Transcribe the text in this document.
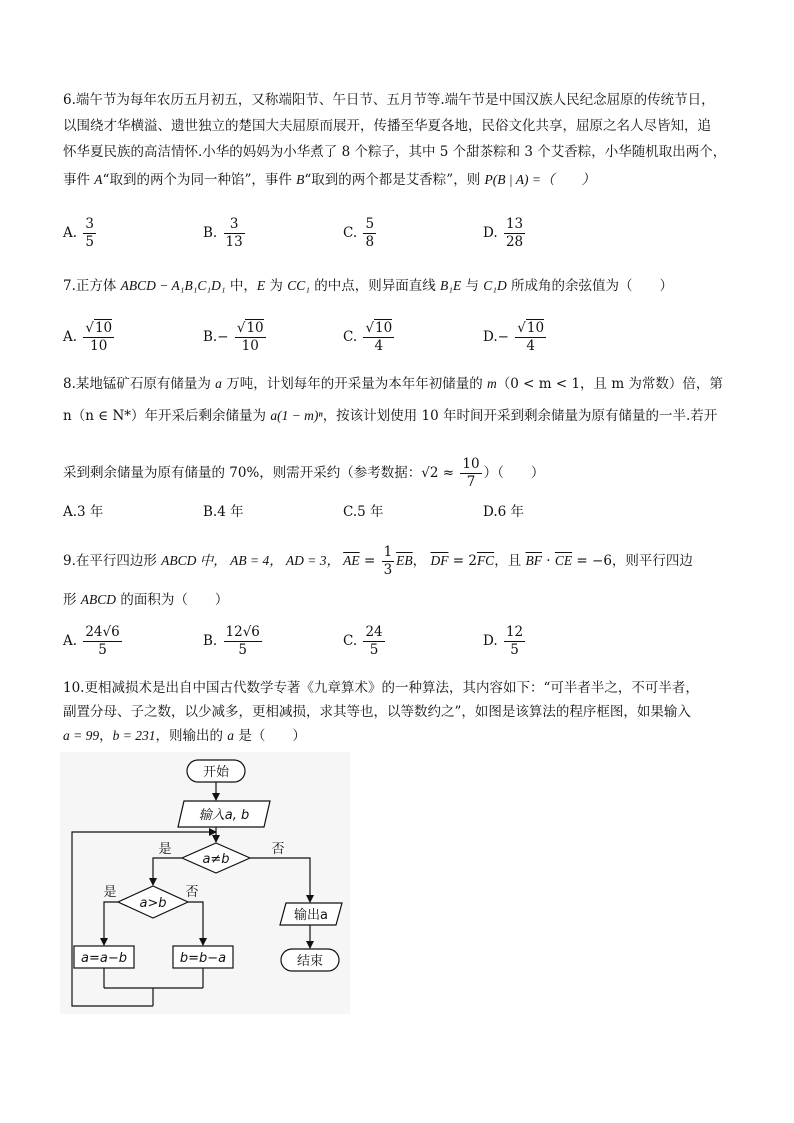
6.端午节为每年农历五月初五，又称端阳节、午日节、五月节等.端午节是中国汉族人民纪念屈原的传统节日，
以围绕才华横溢、遗世独立的楚国大夫屈原而展开，传播至华夏各地，民俗文化共享，屈原之名人尽皆知，追
怀华夏民族的高洁情怀.小华的妈妈为小华煮了 8 个粽子，其中 5 个甜茶粽和 3 个艾香粽，小华随机取出两个，
事件 A“取到的两个为同一种馅”，事件 B“取到的两个都是艾香粽”，则 P(B | A) =（　　）
A. $\frac{3}{5}$	B. $\frac{3}{13}$	C. $\frac{5}{8}$	D. $\frac{13}{28}$
7.正方体 ABCD − A₁B₁C₁D₁ 中，E 为 CC₁ 的中点，则异面直线 B₁E 与 C₁D 所成角的余弦值为（　　）
A. $\frac{√10}{10}$	$B.- \frac{√10}{10}$	C. $\frac{√10}{4}$	$D.- \frac{√10}{4}$
8.某地锰矿石原有储量为 a 万吨，计划每年的开采量为本年年初储量的 m（0 < m < 1，且 m 为常数）倍，第
n（n ∈ N*）年开采后剩余储量为 a(1 − m)ⁿ，按该计划使用 10 年时间开采到剩余储量为原有储量的一半.若开
采到剩余储量为原有储量的 70%，则需开采约（参考数据：$√2 \approx \frac{10}{7}$ ）（　　）
A.3 年	B.4 年	C.5 年	D.6 年
9.在平行四边形 ABCD 中， AB = 4， AD = 3， $\overline{AE} = \frac{1}{3} \overline{EB}$， $\overline{DF} = 2\overline{FC}$，且 $\overline{BF} \cdot \overline{CE} = -6$，则平行四边
形 ABCD 的面积为（　　）
A. $\frac{24√6}{5}$	B. $\frac{12√6}{5}$	C. $\frac{24}{5}$	D. $\frac{12}{5}$
10.更相减损术是出自中国古代数学专著《九章算术》的一种算法，其内容如下：“可半者半之，不可半者，
副置分母、子之数，以少减多，更相减损，求其等也，以等数约之”，如图是该算法的程序框图，如果输入
a = 99，b = 231，则输出的 a 是（　　）
开始
输入a, b
a≠b
是	否
a>b
是	否
a=a−b	b=b−a
输出a
结束
